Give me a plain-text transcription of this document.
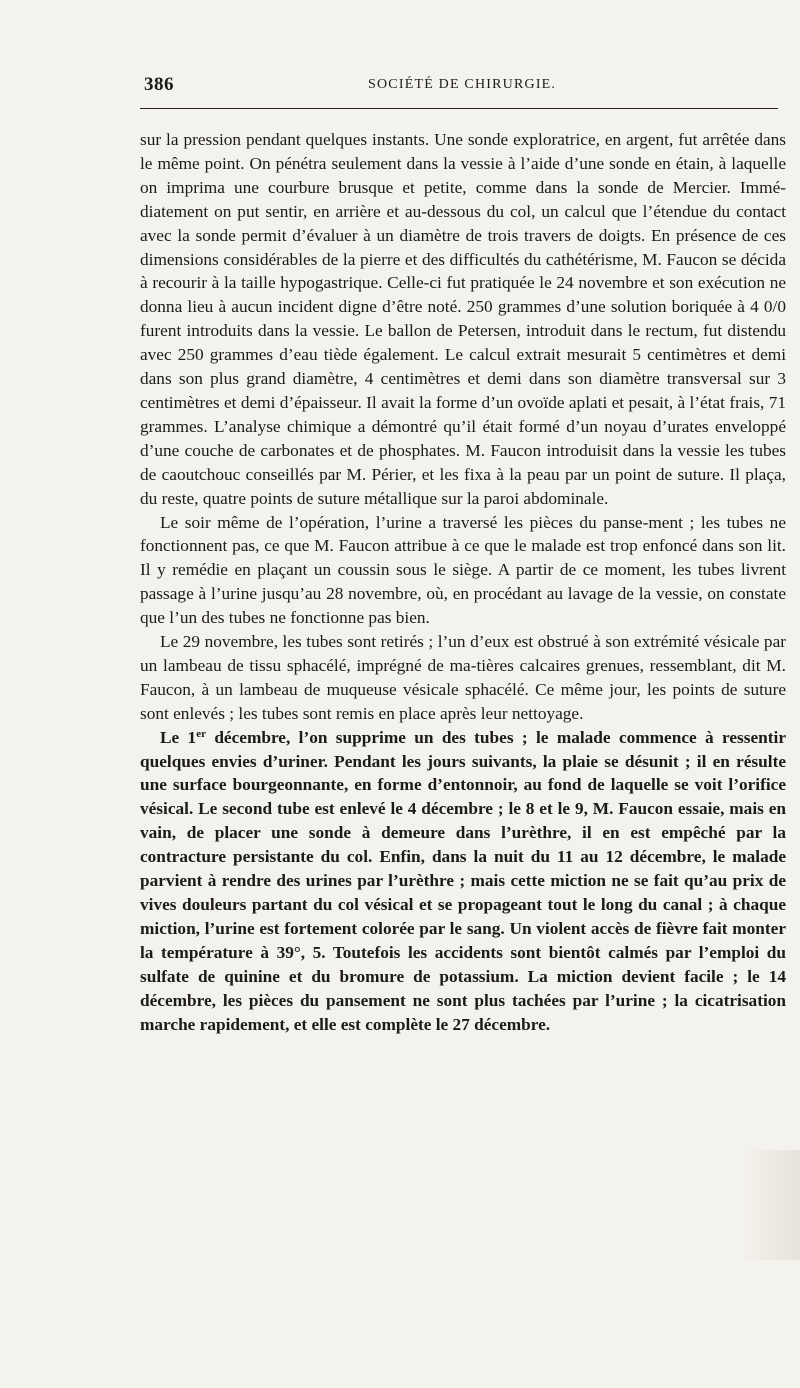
386	SOCIÉTÉ DE CHIRURGIE.

sur la pression pendant quelques instants. Une sonde exploratrice, en argent, fut arrêtée dans le même point. On pénétra seulement dans la vessie à l’aide d’une sonde en étain, à laquelle on imprima une courbure brusque et petite, comme dans la sonde de Mercier. Immé-diatement on put sentir, en arrière et au-dessous du col, un calcul que l’étendue du contact avec la sonde permit d’évaluer à un diamètre de trois travers de doigts. En présence de ces dimensions considérables de la pierre et des difficultés du cathétérisme, M. Faucon se décida à recourir à la taille hypogastrique. Celle-ci fut pratiquée le 24 novembre et son exécution ne donna lieu à aucun incident digne d’être noté. 250 grammes d’une solution boriquée à 4 0/0 furent introduits dans la vessie. Le ballon de Petersen, introduit dans le rectum, fut distendu avec 250 grammes d’eau tiède également. Le calcul extrait mesurait 5 centimètres et demi dans son plus grand diamètre, 4 centimètres et demi dans son diamètre transversal sur 3 centimètres et demi d’épaisseur. Il avait la forme d’un ovoïde aplati et pesait, à l’état frais, 71 grammes. L’analyse chimique a démontré qu’il était formé d’un noyau d’urates enveloppé d’une couche de carbonates et de phosphates. M. Faucon introduisit dans la vessie les tubes de caoutchouc conseillés par M. Périer, et les fixa à la peau par un point de suture. Il plaça, du reste, quatre points de suture métallique sur la paroi abdominale.

Le soir même de l’opération, l’urine a traversé les pièces du panse-ment ; les tubes ne fonctionnent pas, ce que M. Faucon attribue à ce que le malade est trop enfoncé dans son lit. Il y remédie en plaçant un coussin sous le siège. A partir de ce moment, les tubes livrent passage à l’urine jusqu’au 28 novembre, où, en procédant au lavage de la vessie, on constate que l’un des tubes ne fonctionne pas bien.

Le 29 novembre, les tubes sont retirés ; l’un d’eux est obstrué à son extrémité vésicale par un lambeau de tissu sphacélé, imprégné de ma-tières calcaires grenues, ressemblant, dit M. Faucon, à un lambeau de muqueuse vésicale sphacélé. Ce même jour, les points de suture sont enlevés ; les tubes sont remis en place après leur nettoyage.

Le 1er décembre, l’on supprime un des tubes ; le malade commence à ressentir quelques envies d’uriner. Pendant les jours suivants, la plaie se désunit ; il en résulte une surface bourgeonnante, en forme d’entonnoir, au fond de laquelle se voit l’orifice vésical. Le second tube est enlevé le 4 décembre ; le 8 et le 9, M. Faucon essaie, mais en vain, de placer une sonde à demeure dans l’urèthre, il en est empêché par la contracture persistante du col. Enfin, dans la nuit du 11 au 12 décembre, le malade parvient à rendre des urines par l’urèthre ; mais cette miction ne se fait qu’au prix de vives douleurs partant du col vésical et se propageant tout le long du canal ; à chaque miction, l’urine est fortement colorée par le sang. Un violent accès de fièvre fait monter la température à 39°, 5. Toutefois les accidents sont bientôt calmés par l’emploi du sulfate de quinine et du bromure de potassium. La miction devient facile ; le 14 décembre, les pièces du pansement ne sont plus tachées par l’urine ; la cicatrisation marche rapidement, et elle est complète le 27 décembre.
